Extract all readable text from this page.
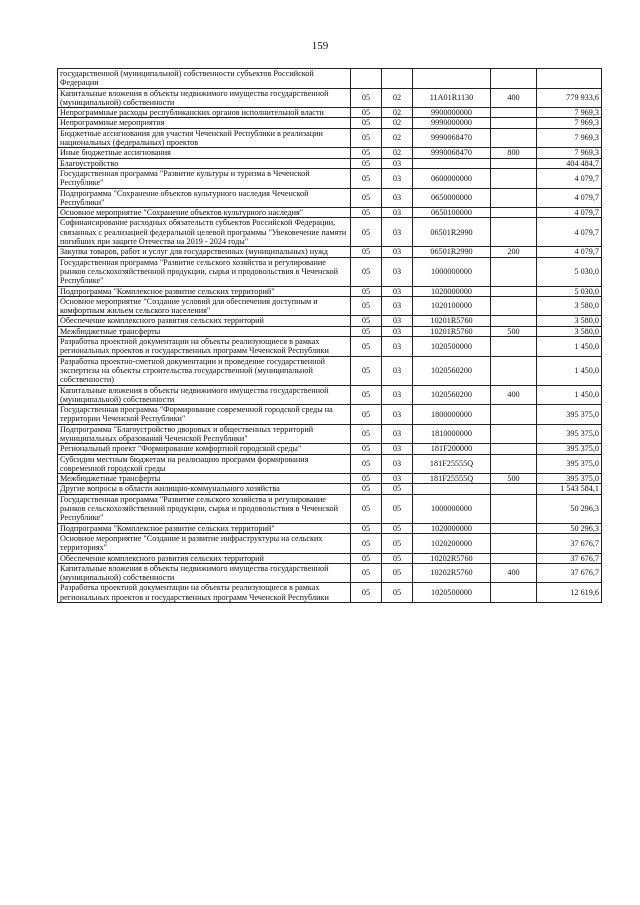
159
государственной (муниципальной) собственности субъектов Российской Федерации					
Капитальные вложения в объекты недвижимого имущества государственной (муниципальной) собственности	05	02	11A01R1130	400	779 933,6
Непрограммные расходы республиканских органов исполнительной власти	05	02	9900000000		7 969,3
Непрограммные мероприятия	05	02	9990000000		7 969,3
Бюджетные ассигнования для участия Чеченской Республики в реализации национальных (федеральных) проектов	05	02	9990068470		7 969,3
Иные бюджетные ассигнования	05	02	9990068470	800	7 969,3
Благоустройство	05	03			404 484,7
Государственная программа "Развитие культуры и туризма в Чеченской Республике"	05	03	0600000000		4 079,7
Подпрограмма "Сохранение объектов культурного наследия Чеченской Республики"	05	03	0650000000		4 079,7
Основное мероприятие "Сохранение объектов культурного наследия"	05	03	0650100000		4 079,7
Софинансирование расходных обязательств субъектов Российской Федерации, связанных с реализацией федеральной целевой программы "Увековечение памяти погибших при защите Отечества на 2019 - 2024 годы"	05	03	06501R2990		4 079,7
Закупка товаров, работ и услуг для государственных (муниципальных) нужд	05	03	06501R2990	200	4 079,7
Государственная программа "Развитие сельского хозяйства и регулирование рынков сельскохозяйственной продукции, сырья и продовольствия в Чеченской Республике"	05	03	1000000000		5 030,0
Подпрограмма "Комплексное развитие сельских территорий"	05	03	1020000000		5 030,0
Основное мероприятие "Создание условий для обеспечения доступным и комфортным жильем сельского населения"	05	03	1020100000		3 580,0
Обеспечение комплексного развития сельских территорий	05	03	10201R5760		3 580,0
Межбюджетные трансферты	05	03	10201R5760	500	3 580,0
Разработка проектной документации на объекты реализующиеся в рамках региональных проектов и государственных программ Чеченской Республики	05	03	1020500000		1 450,0
Разработка проектно-сметной документации и проведение государственной экспертизы на объекты строительства государственной (муниципальной собственности)	05	03	1020560200		1 450,0
Капитальные вложения в объекты недвижимого имущества государственной (муниципальной) собственности	05	03	1020560200	400	1 450,0
Государственная программа "Формирование современной городской среды на территории Чеченской Республики"	05	03	1800000000		395 375,0
Подпрограмма "Благоустройство дворовых и общественных территорий муниципальных образований Чеченской Республики"	05	03	1810000000		395 375,0
Региональный проект "Формирование комфортной городской среды"	05	03	181F200000		395 375,0
Субсидии местным бюджетам на реализацию программ формирования современной городской среды	05	03	181F25555Q		395 375,0
Межбюджетные трансферты	05	03	181F25555Q	500	395 375,0
Другие вопросы в области жилищно-коммунального хозяйства	05	05			1 543 584,1
Государственная программа "Развитие сельского хозяйства и регулирование рынков сельскохозяйственной продукции, сырья и продовольствия в Чеченской Республике"	05	05	1000000000		50 296,3
Подпрограмма "Комплексное развитие сельских территорий"	05	05	1020000000		50 296,3
Основное мероприятие "Создание и развитие инфраструктуры на сельских территориях"	05	05	1020200000		37 676,7
Обеспечение комплексного развития сельских территорий	05	05	10202R5760		37 676,7
Капитальные вложения в объекты недвижимого имущества государственной (муниципальной) собственности	05	05	10202R5760	400	37 676,7
Разработка проектной документации на объекты реализующиеся в рамках региональных проектов и государственных программ Чеченской Республики	05	05	1020500000		12 619,6
